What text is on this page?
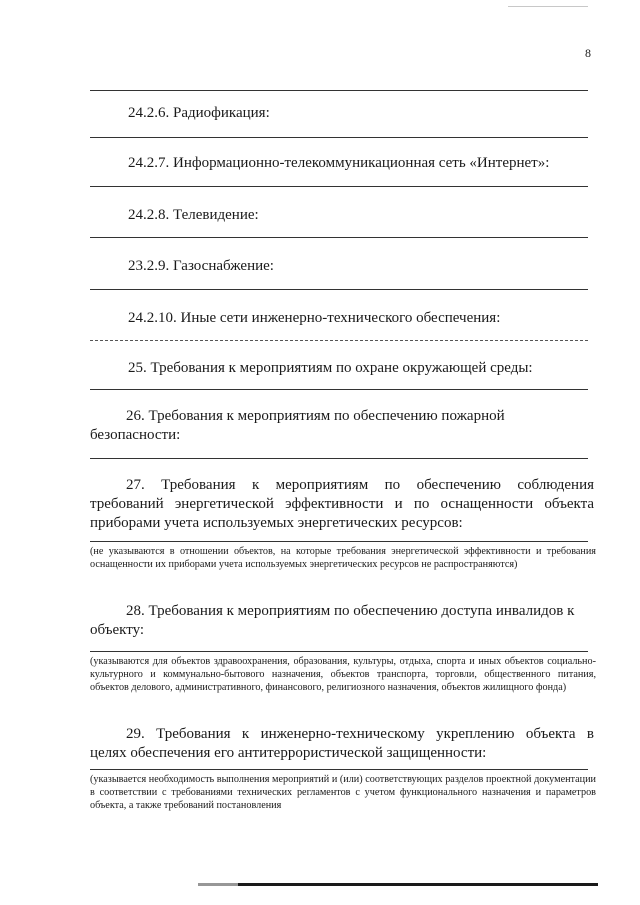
8
24.2.6. Радиофикация:
24.2.7. Информационно-телекоммуникационная сеть «Интернет»:
24.2.8. Телевидение:
23.2.9. Газоснабжение:
24.2.10. Иные сети инженерно-технического обеспечения:
25. Требования к мероприятиям по охране окружающей среды:
26. Требования к мероприятиям по обеспечению пожарной
безопасности:
27. Требования к мероприятиям по обеспечению соблюдения
требований энергетической эффективности и по оснащенности объекта
приборами учета используемых энергетических ресурсов:
(не указываются в отношении объектов, на которые требования энергетической эффективности и требования оснащенности их приборами учета используемых энергетических ресурсов не распространяются)
28. Требования к мероприятиям по обеспечению доступа инвалидов к
объекту:
(указываются для объектов здравоохранения, образования, культуры, отдыха, спорта и иных объектов социально-культурного и коммунально-бытового назначения, объектов транспорта, торговли, общественного питания, объектов делового, административного, финансового, религиозного назначения, объектов жилищного фонда)
29. Требования к инженерно-техническому укреплению объекта в
целях обеспечения его антитеррористической защищенности:
(указывается необходимость выполнения мероприятий и (или) соответствующих разделов проектной документации в соответствии с требованиями технических регламентов с учетом функционального назначения и параметров объекта, а также требований постановления
